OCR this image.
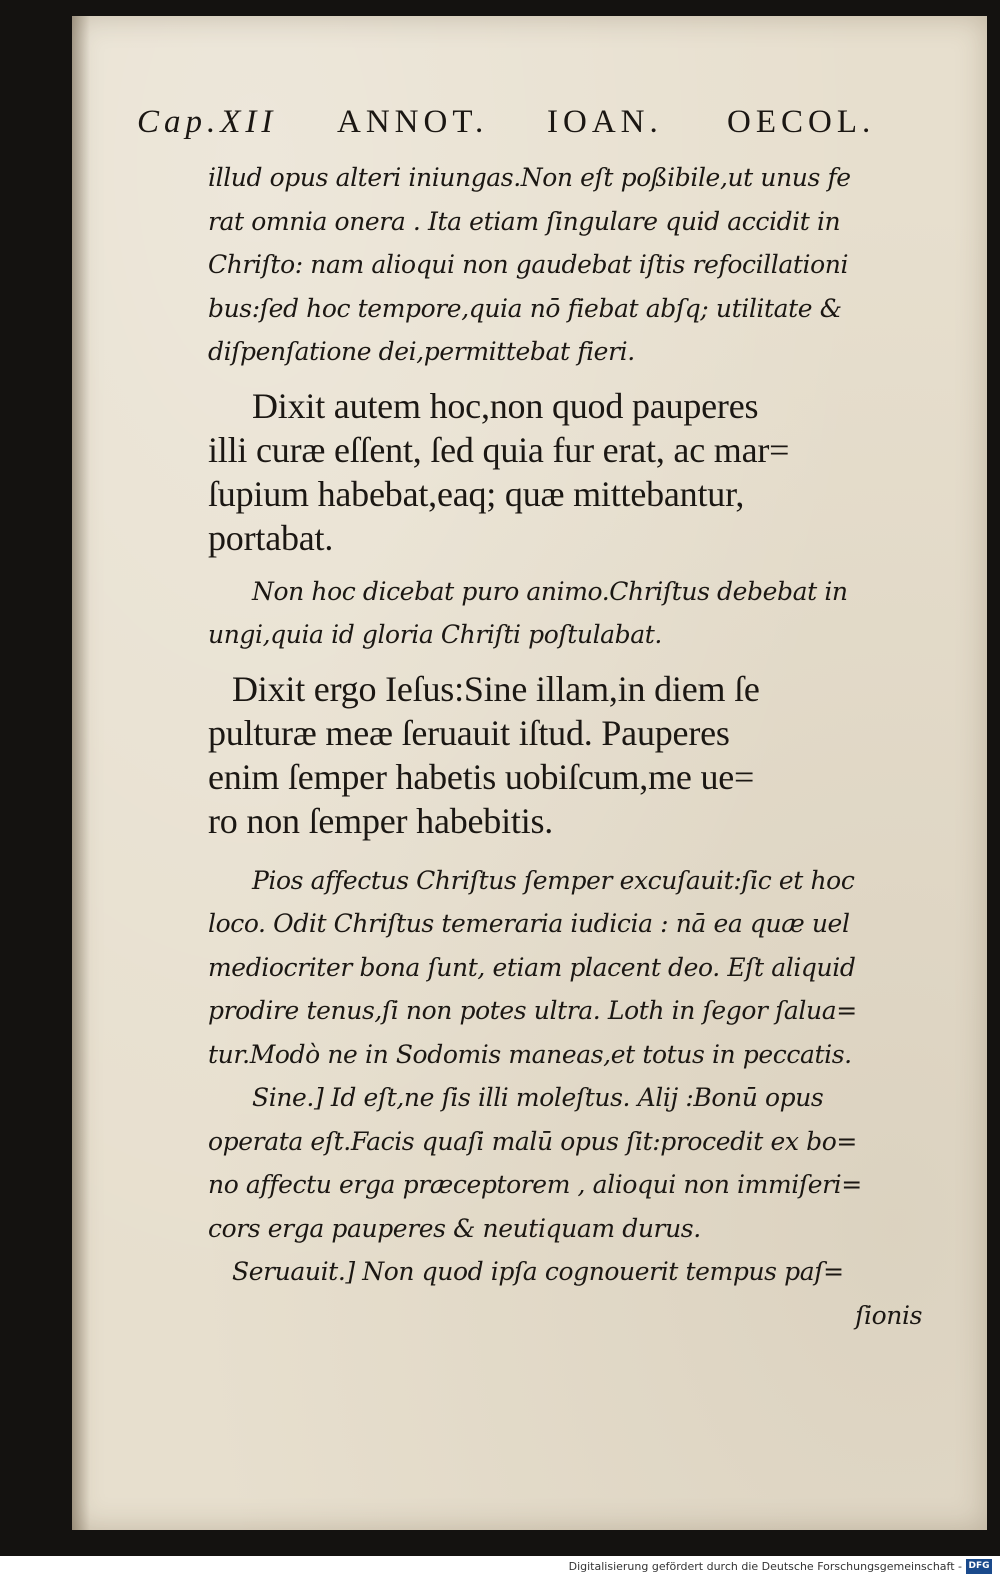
Cap.XII ANNOT. IOAN. OECOL.
illud opus alteri iniungas.Non eſt poßibile,ut unus fe
rat omnia onera . Ita etiam ſingulare quid accidit in
Chriſto: nam alioqui non gaudebat iſtis refocillationi
bus:ſed hoc tempore,quia nō fiebat abſq; utilitate &
diſpenſatione dei,permittebat fieri.
Dixit autem hoc,non quod pauperes
illi curæ eſſent, ſed quia fur erat, ac mar=
ſupium habebat,eaq; quæ mittebantur,
portabat.
Non hoc dicebat puro animo.Chriſtus debebat in
ungi,quia id gloria Chriſti poſtulabat.
Dixit ergo Ieſus:Sine illam,in diem ſe
pulturæ meæ ſeruauit iſtud. Pauperes
enim ſemper habetis uobiſcum,me ue=
ro non ſemper habebitis.
Pios affectus Chriſtus ſemper excuſauit:ſic et hoc
loco. Odit Chriſtus temeraria iudicia : nā ea quæ uel
mediocriter bona ſunt, etiam placent deo. Eſt aliquid
prodire tenus,ſi non potes ultra. Loth in ſegor ſalua=
tur.Modò ne in Sodomis maneas,et totus in peccatis.
Sine.] Id eſt,ne ſis illi moleſtus. Alij :Bonū opus
operata eſt.Facis quaſi malū opus ſit:procedit ex bo=
no affectu erga præceptorem , alioqui non immiſeri=
cors erga pauperes & neutiquam durus.
Seruauit.] Non quod ipſa cognouerit tempus paſ=
ſionis
Digitalisierung gefördert durch die Deutsche Forschungsgemeinschaft - DFG
